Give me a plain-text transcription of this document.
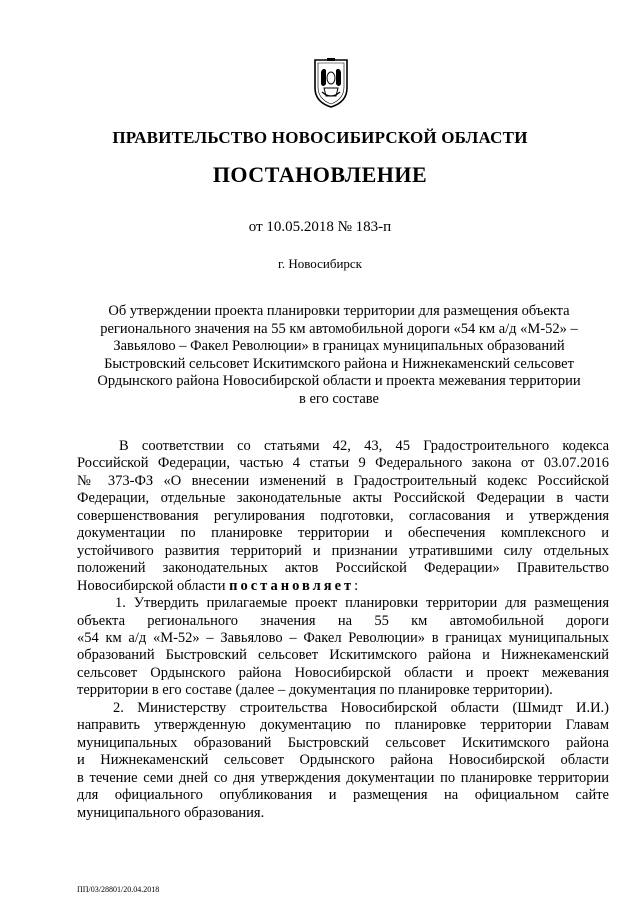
ПРАВИТЕЛЬСТВО НОВОСИБИРСКОЙ ОБЛАСТИ
ПОСТАНОВЛЕНИЕ
от 10.05.2018 № 183-п
г. Новосибирск
Об утверждении проекта планировки территории для размещения объекта
регионального значения на 55 км автомобильной дороги «54 км а/д «М-52» –
Завьялово – Факел Революции» в границах муниципальных образований
Быстровский сельсовет Искитимского района и Нижнекаменский сельсовет
Ордынского района Новосибирской области и проекта межевания территории
в его составе
В соответствии со статьями 42, 43, 45 Градостроительного кодекса
Российской Федерации, частью 4 статьи 9 Федерального закона от 03.07.2016
№ 373-ФЗ «О внесении изменений в Градостроительный кодекс Российской
Федерации, отдельные законодательные акты Российской Федерации в части
совершенствования регулирования подготовки, согласования и утверждения
документации по планировке территории и обеспечения комплексного и
устойчивого развития территорий и признании утратившими силу отдельных
положений законодательных актов Российской Федерации» Правительство
Новосибирской области постановляет:
1. Утвердить прилагаемые проект планировки территории для размещения
объекта регионального значения на 55 км автомобильной дороги
«54 км а/д «М-52» – Завьялово – Факел Революции» в границах муниципальных
образований Быстровский сельсовет Искитимского района и Нижнекаменский
сельсовет Ордынского района Новосибирской области и проект межевания
территории в его составе (далее – документация по планировке территории).
2. Министерству строительства Новосибирской области (Шмидт И.И.)
направить утвержденную документацию по планировке территории Главам
муниципальных образований Быстровский сельсовет Искитимского района
и Нижнекаменский сельсовет Ордынского района Новосибирской области
в течение семи дней со дня утверждения документации по планировке территории
для официального опубликования и размещения на официальном сайте
муниципального образования.
ПП/03/28801/20.04.2018
